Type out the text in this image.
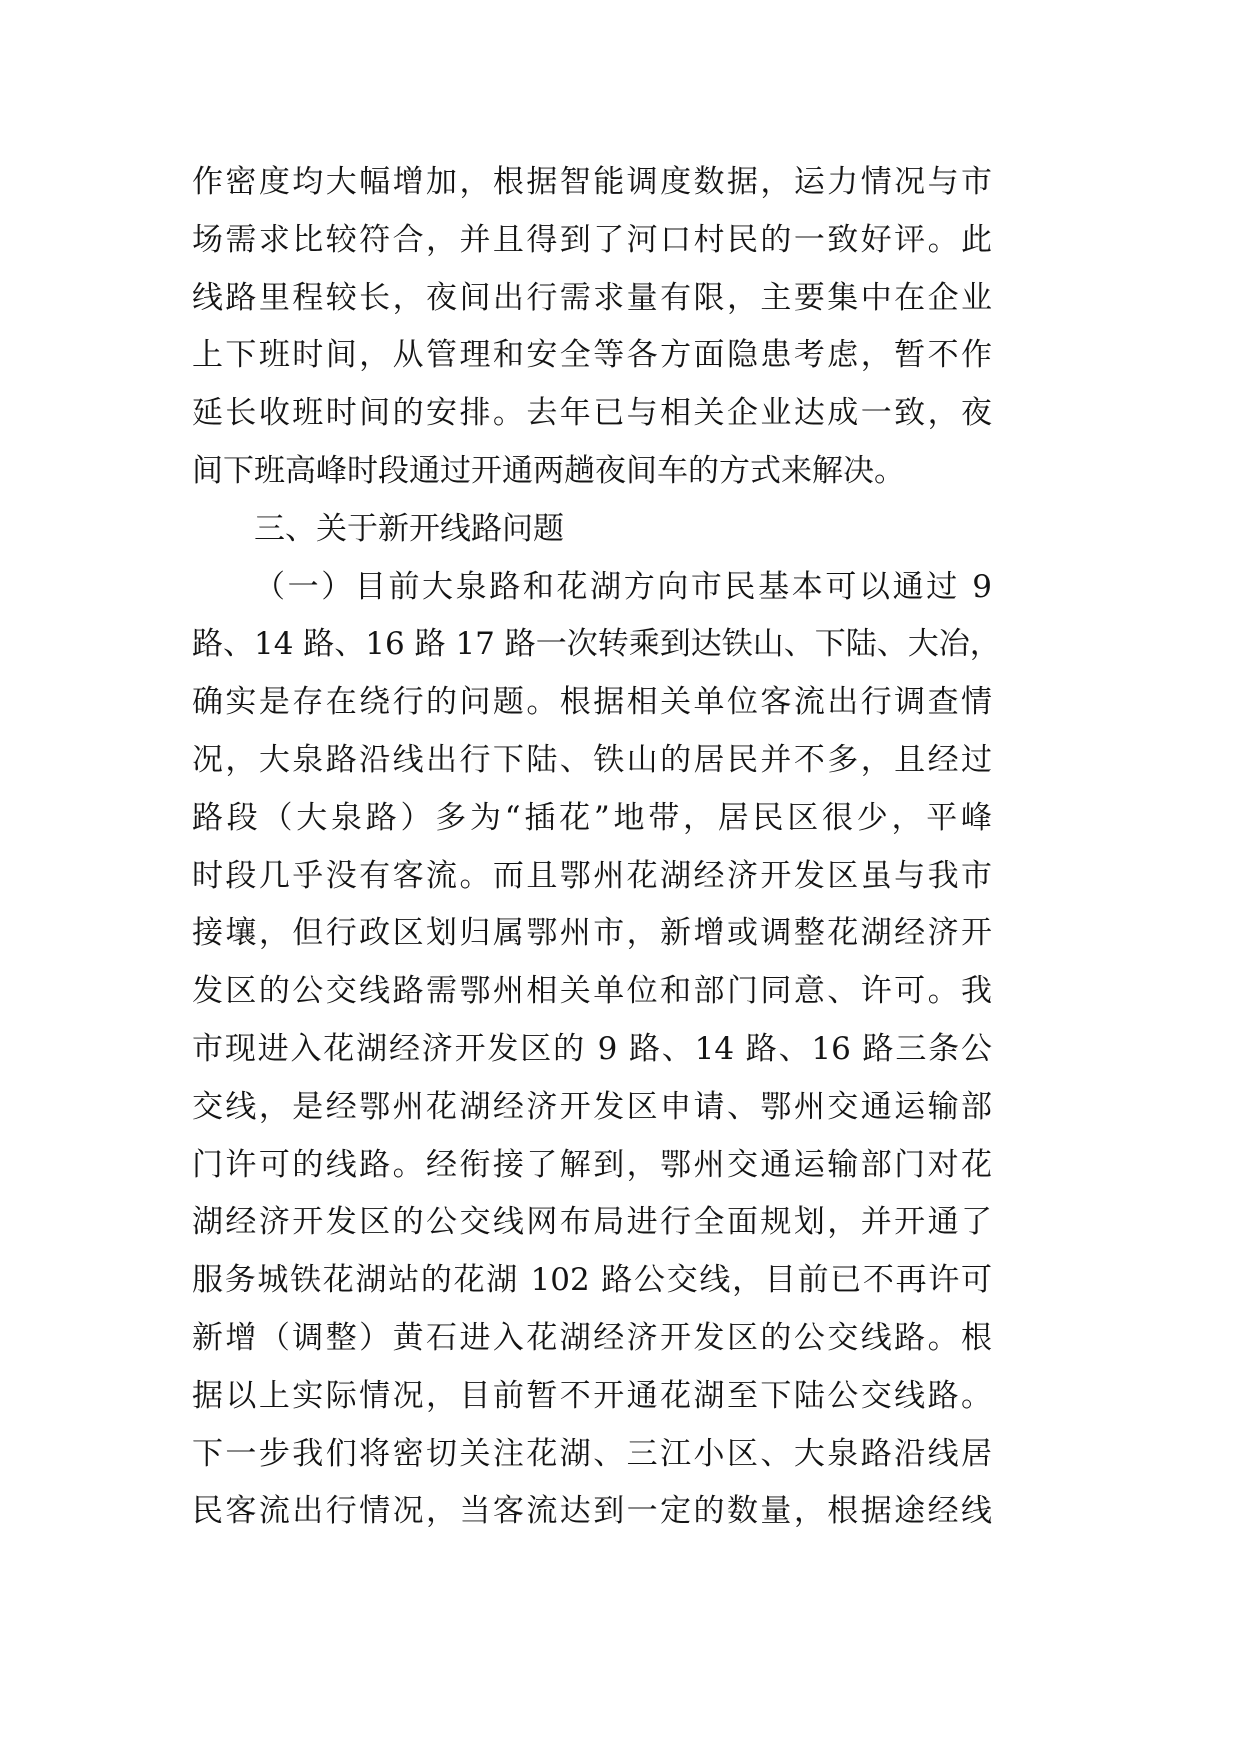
作密度均大幅增加，根据智能调度数据，运力情况与市
场需求比较符合，并且得到了河口村民的一致好评。此
线路里程较长，夜间出行需求量有限，主要集中在企业
上下班时间，从管理和安全等各方面隐患考虑，暂不作
延长收班时间的安排。去年已与相关企业达成一致，夜
间下班高峰时段通过开通两趟夜间车的方式来解决。
三、关于新开线路问题
（一）目前大泉路和花湖方向市民基本可以通过 9
路、14 路、16 路 17 路一次转乘到达铁山、下陆、大冶，
确实是存在绕行的问题。根据相关单位客流出行调查情
况，大泉路沿线出行下陆、铁山的居民并不多，且经过
路段（大泉路）多为“插花”地带，居民区很少，平峰
时段几乎没有客流。而且鄂州花湖经济开发区虽与我市
接壤，但行政区划归属鄂州市，新增或调整花湖经济开
发区的公交线路需鄂州相关单位和部门同意、许可。我
市现进入花湖经济开发区的 9 路、14 路、16 路三条公
交线，是经鄂州花湖经济开发区申请、鄂州交通运输部
门许可的线路。经衔接了解到，鄂州交通运输部门对花
湖经济开发区的公交线网布局进行全面规划，并开通了
服务城铁花湖站的花湖 102 路公交线，目前已不再许可
新增（调整）黄石进入花湖经济开发区的公交线路。根
据以上实际情况，目前暂不开通花湖至下陆公交线路。
下一步我们将密切关注花湖、三江小区、大泉路沿线居
民客流出行情况，当客流达到一定的数量，根据途经线
